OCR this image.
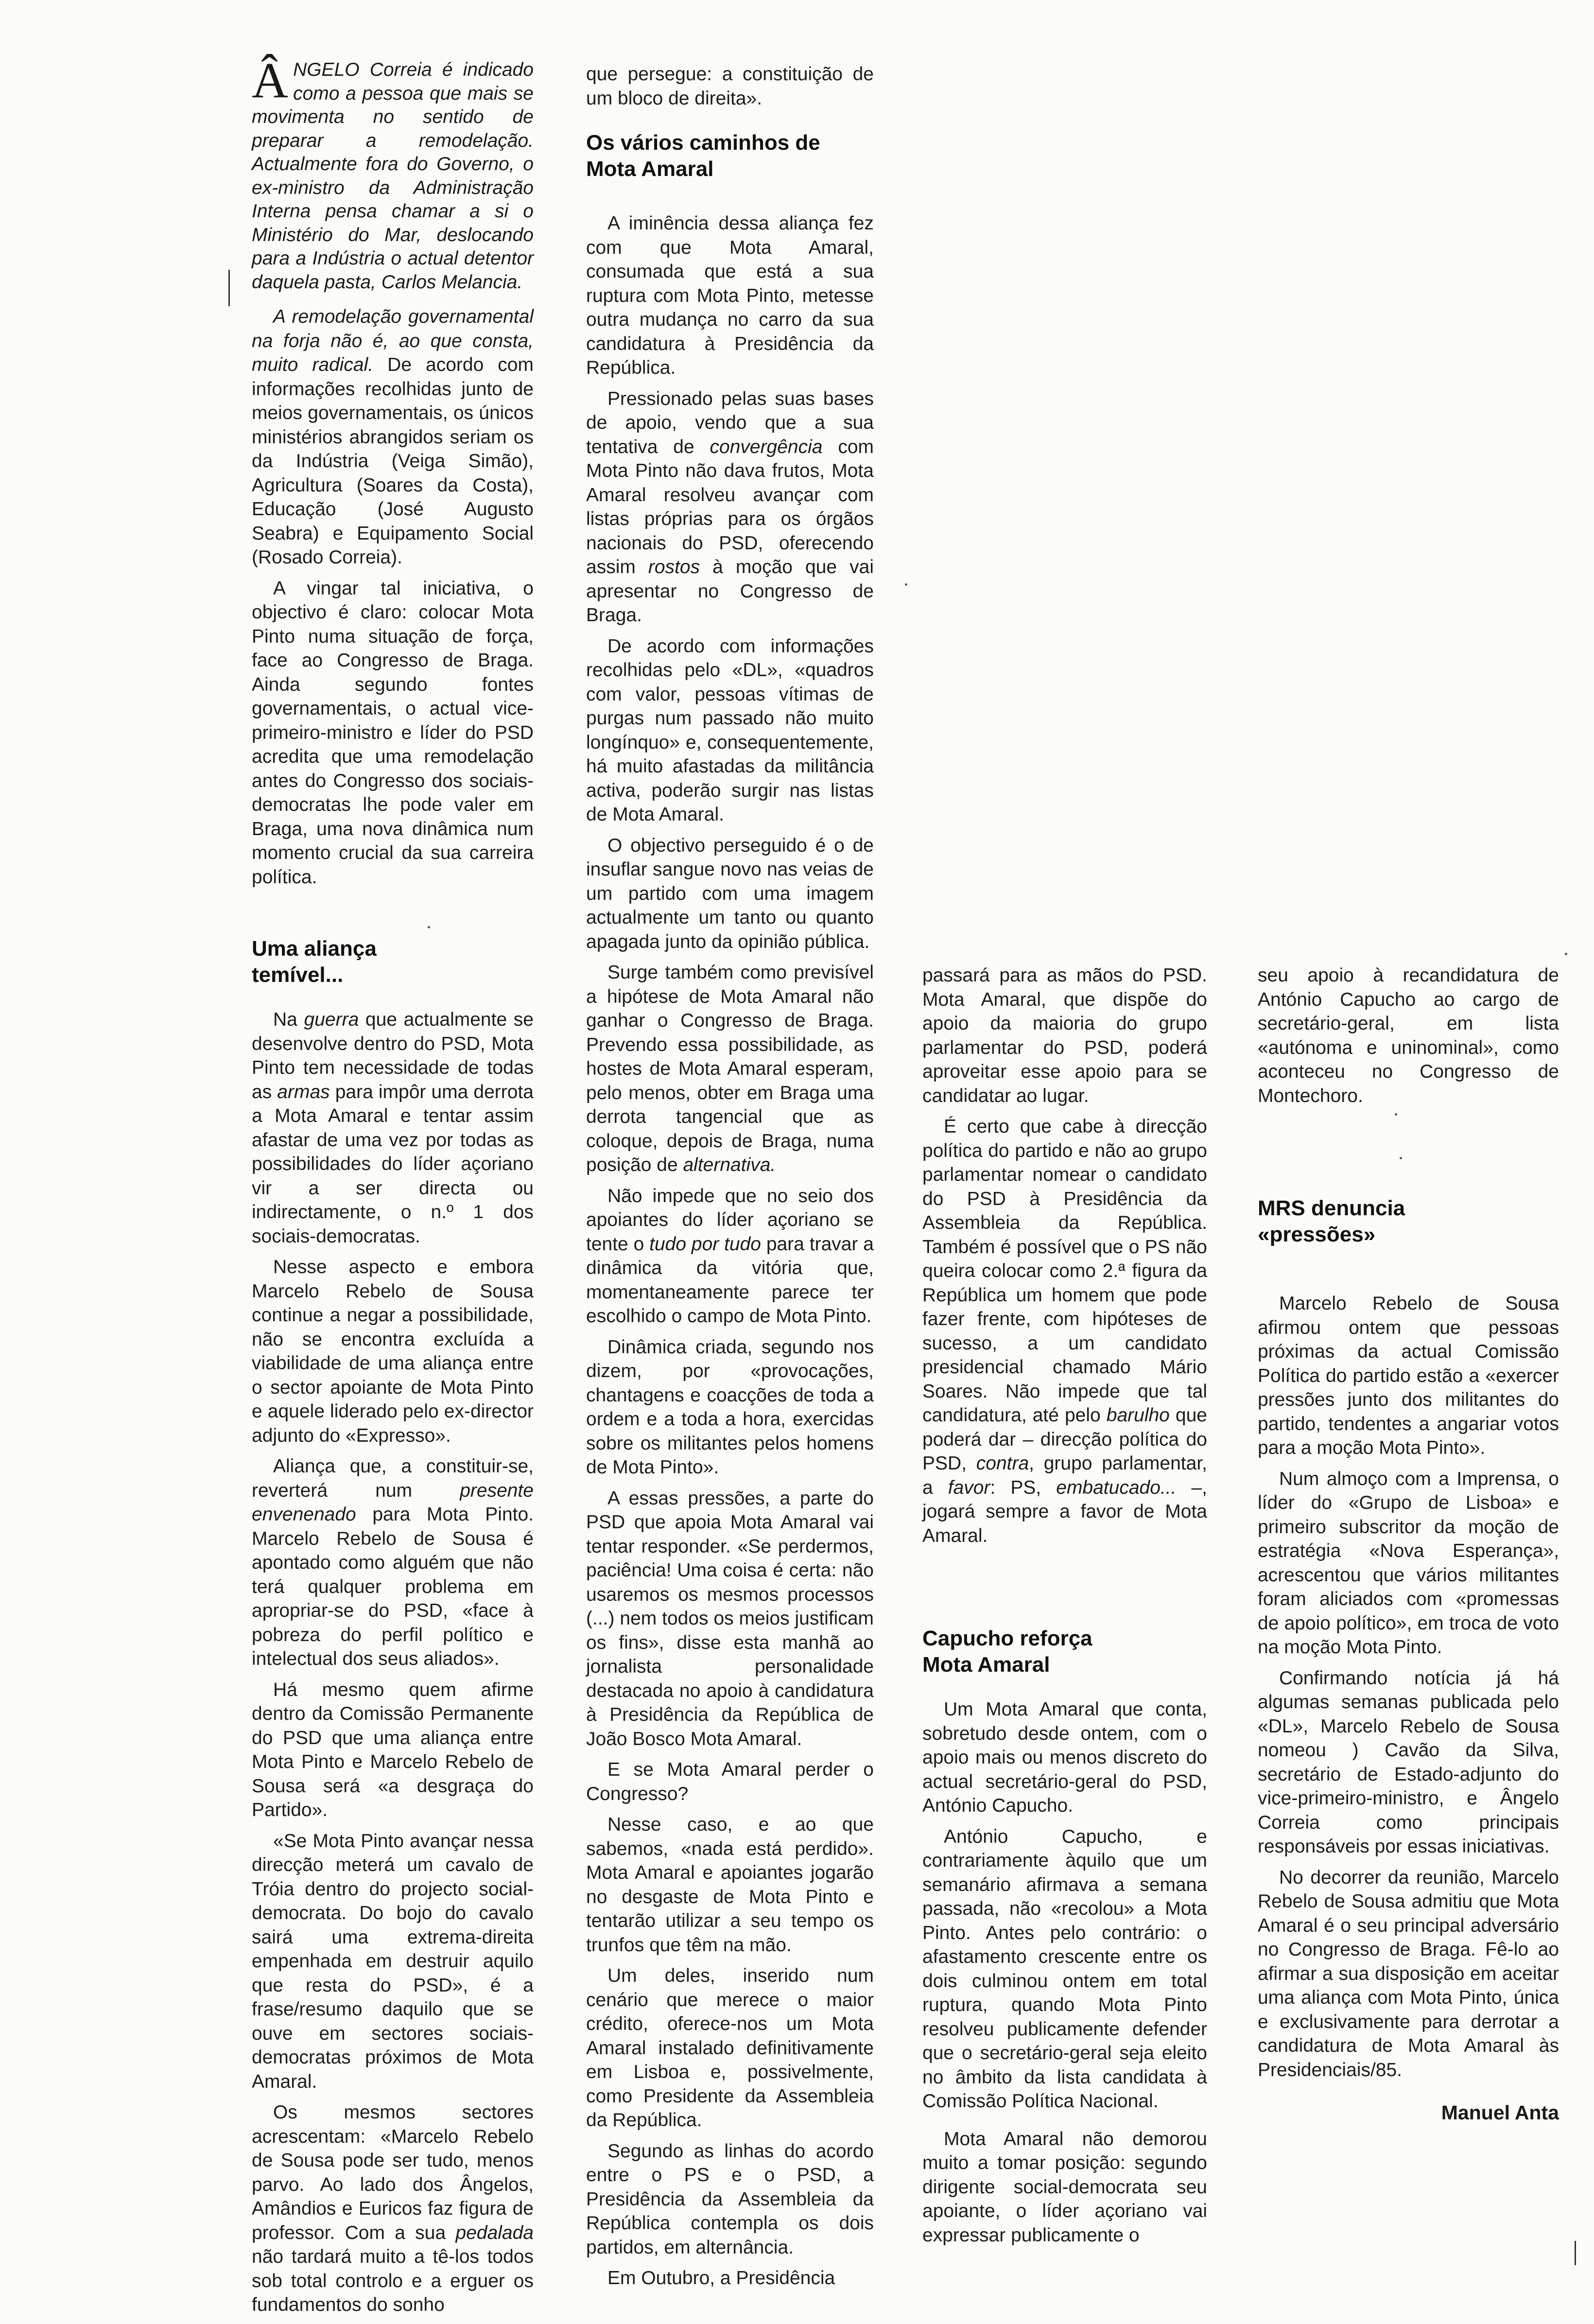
ÂNGELO Correia é indicado como a pessoa que mais se movimenta no sentido de preparar a remodelação. Actualmente fora do Governo, o ex-ministro da Administração Interna pensa chamar a si o Ministério do Mar, deslocando para a Indústria o actual detentor daquela pasta, Carlos Melancia.

A remodelação governamental na forja não é, ao que consta, muito radical. De acordo com informações recolhidas junto de meios governamentais, os únicos ministérios abrangidos seriam os da Indústria (Veiga Simão), Agricultura (Soares da Costa), Educação (José Augusto Seabra) e Equipamento Social (Rosado Correia).

A vingar tal iniciativa, o objectivo é claro: colocar Mota Pinto numa situação de força, face ao Congresso de Braga. Ainda segundo fontes governamentais, o actual vice-primeiro-ministro e líder do PSD acredita que uma remodelação antes do Congresso dos sociais-democratas lhe pode valer em Braga, uma nova dinâmica num momento crucial da sua carreira política.

Uma aliança temível...

Na guerra que actualmente se desenvolve dentro do PSD, Mota Pinto tem necessidade de todas as armas para impôr uma derrota a Mota Amaral e tentar assim afastar de uma vez por todas as possibilidades do líder açoriano vir a ser directa ou indirectamente, o n.º 1 dos sociais-democratas.

Nesse aspecto e embora Marcelo Rebelo de Sousa continue a negar a possibilidade, não se encontra excluída a viabilidade de uma aliança entre o sector apoiante de Mota Pinto e aquele liderado pelo ex-director adjunto do «Expresso».

Aliança que, a constituir-se, reverterá num presente envenenado para Mota Pinto. Marcelo Rebelo de Sousa é apontado como alguém que não terá qualquer problema em apropriar-se do PSD, «face à pobreza do perfil político e intelectual dos seus aliados».

Há mesmo quem afirme dentro da Comissão Permanente do PSD que uma aliança entre Mota Pinto e Marcelo Rebelo de Sousa será «a desgraça do Partido».

«Se Mota Pinto avançar nessa direcção meterá um cavalo de Tróia dentro do projecto social-democrata. Do bojo do cavalo sairá uma extrema-direita empenhada em destruir aquilo que resta do PSD», é a frase/resumo daquilo que se ouve em sectores sociais-democratas próximos de Mota Amaral.

Os mesmos sectores acrescentam: «Marcelo Rebelo de Sousa pode ser tudo, menos parvo. Ao lado dos Ângelos, Amândios e Euricos faz figura de professor. Com a sua pedalada não tardará muito a tê-los todos sob total controlo e a erguer os fundamentos do sonho

que persegue: a constituição de um bloco de direita».

Os vários caminhos de Mota Amaral

A iminência dessa aliança fez com que Mota Amaral, consumada que está a sua ruptura com Mota Pinto, metesse outra mudança no carro da sua candidatura à Presidência da República.

Pressionado pelas suas bases de apoio, vendo que a sua tentativa de convergência com Mota Pinto não dava frutos, Mota Amaral resolveu avançar com listas próprias para os órgãos nacionais do PSD, oferecendo assim rostos à moção que vai apresentar no Congresso de Braga.

De acordo com informações recolhidas pelo «DL», «quadros com valor, pessoas vítimas de purgas num passado não muito longínquo» e, consequentemente, há muito afastadas da militância activa, poderão surgir nas listas de Mota Amaral.

O objectivo perseguido é o de insuflar sangue novo nas veias de um partido com uma imagem actualmente um tanto ou quanto apagada junto da opinião pública.

Surge também como previsível a hipótese de Mota Amaral não ganhar o Congresso de Braga. Prevendo essa possibilidade, as hostes de Mota Amaral esperam, pelo menos, obter em Braga uma derrota tangencial que as coloque, depois de Braga, numa posição de alternativa.

Não impede que no seio dos apoiantes do líder açoriano se tente o tudo por tudo para travar a dinâmica da vitória que, momentaneamente parece ter escolhido o campo de Mota Pinto.

Dinâmica criada, segundo nos dizem, por «provocações, chantagens e coacções de toda a ordem e a toda a hora, exercidas sobre os militantes pelos homens de Mota Pinto».

A essas pressões, a parte do PSD que apoia Mota Amaral vai tentar responder. «Se perdermos, paciência! Uma coisa é certa: não usaremos os mesmos processos (...) nem todos os meios justificam os fins», disse esta manhã ao jornalista personalidade destacada no apoio à candidatura à Presidência da República de João Bosco Mota Amaral.

E se Mota Amaral perder o Congresso?

Nesse caso, e ao que sabemos, «nada está perdido». Mota Amaral e apoiantes jogarão no desgaste de Mota Pinto e tentarão utilizar a seu tempo os trunfos que têm na mão.

Um deles, inserido num cenário que merece o maior crédito, oferece-nos um Mota Amaral instalado definitivamente em Lisboa e, possivelmente, como Presidente da Assembleia da República.

Segundo as linhas do acordo entre o PS e o PSD, a Presidência da Assembleia da República contempla os dois partidos, em alternância.

Em Outubro, a Presidência

passará para as mãos do PSD. Mota Amaral, que dispõe do apoio da maioria do grupo parlamentar do PSD, poderá aproveitar esse apoio para se candidatar ao lugar.

É certo que cabe à direcção política do partido e não ao grupo parlamentar nomear o candidato do PSD à Presidência da Assembleia da República. Também é possível que o PS não queira colocar como 2.ª figura da República um homem que pode fazer frente, com hipóteses de sucesso, a um candidato presidencial chamado Mário Soares. Não impede que tal candidatura, até pelo barulho que poderá dar – direcção política do PSD, contra, grupo parlamentar, a favor: PS, embatucado... –, jogará sempre a favor de Mota Amaral.

Capucho reforça Mota Amaral

Um Mota Amaral que conta, sobretudo desde ontem, com o apoio mais ou menos discreto do actual secretário-geral do PSD, António Capucho.

António Capucho, e contrariamente àquilo que um semanário afirmava a semana passada, não «recolou» a Mota Pinto. Antes pelo contrário: o afastamento crescente entre os dois culminou ontem em total ruptura, quando Mota Pinto resolveu publicamente defender que o secretário-geral seja eleito no âmbito da lista candidata à Comissão Política Nacional.

Mota Amaral não demorou muito a tomar posição: segundo dirigente social-democrata seu apoiante, o líder açoriano vai expressar publicamente o

seu apoio à recandidatura de António Capucho ao cargo de secretário-geral, em lista «autónoma e uninominal», como aconteceu no Congresso de Montechoro.

MRS denuncia «pressões»

Marcelo Rebelo de Sousa afirmou ontem que pessoas próximas da actual Comissão Política do partido estão a «exercer pressões junto dos militantes do partido, tendentes a angariar votos para a moção Mota Pinto».

Num almoço com a Imprensa, o líder do «Grupo de Lisboa» e primeiro subscritor da moção de estratégia «Nova Esperança», acrescentou que vários militantes foram aliciados com «promessas de apoio político», em troca de voto na moção Mota Pinto.

Confirmando notícia já há algumas semanas publicada pelo «DL», Marcelo Rebelo de Sousa nomeou ) Cavão da Silva, secretário de Estado-adjunto do vice-primeiro-ministro, e Ângelo Correia como principais responsáveis por essas iniciativas.

No decorrer da reunião, Marcelo Rebelo de Sousa admitiu que Mota Amaral é o seu principal adversário no Congresso de Braga. Fê-lo ao afirmar a sua disposição em aceitar uma aliança com Mota Pinto, única e exclusivamente para derrotar a candidatura de Mota Amaral às Presidenciais/85.

Manuel Anta
